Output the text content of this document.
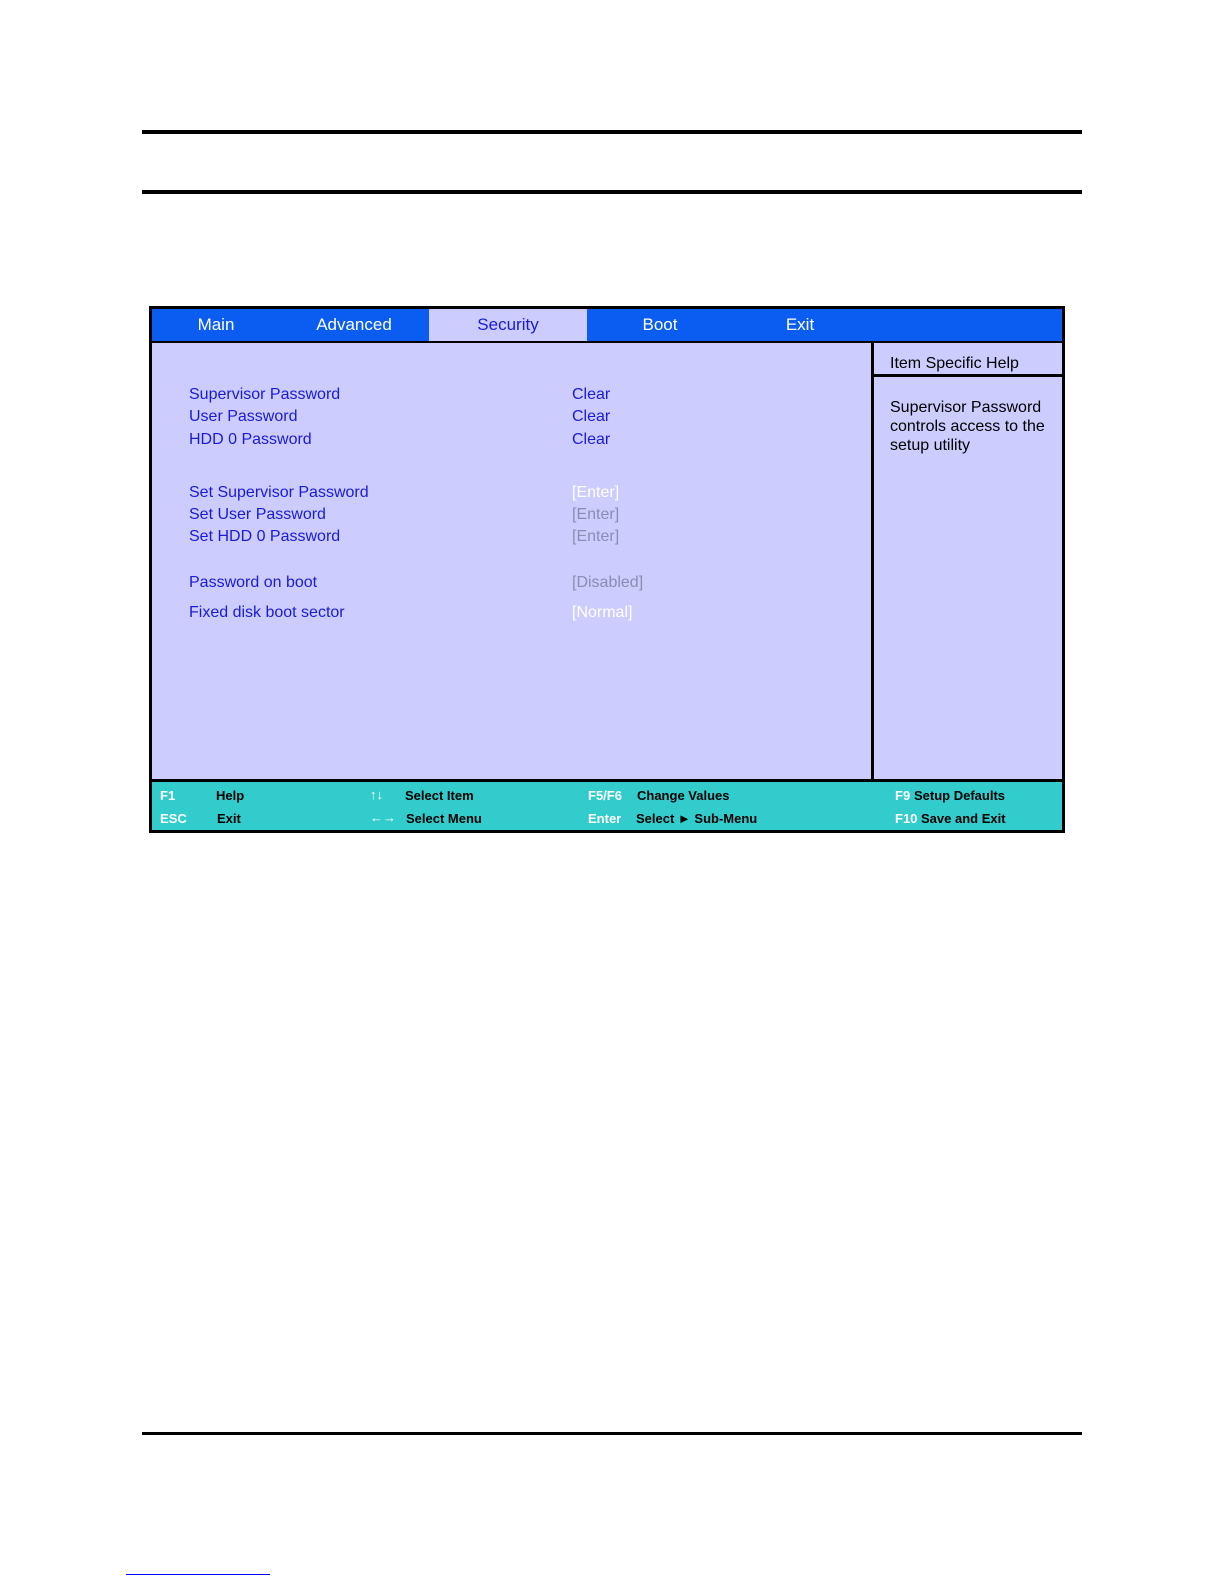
Main	Advanced	Security	Boot	Exit
Supervisor Password	Clear
User Password	Clear
HDD 0 Password	Clear
Set Supervisor Password	[Enter]
Set User Password	[Enter]
Set HDD 0 Password	[Enter]
Password on boot	[Disabled]
Fixed disk boot sector	[Normal]
Item Specific Help
Supervisor Password controls access to the setup utility
F1	Help
ESC Exit
↑↓ Select Item
←→ Select Menu
F5/F6 Change Values
Enter Select ► Sub-Menu
F9 Setup Defaults
F10 Save and Exit
